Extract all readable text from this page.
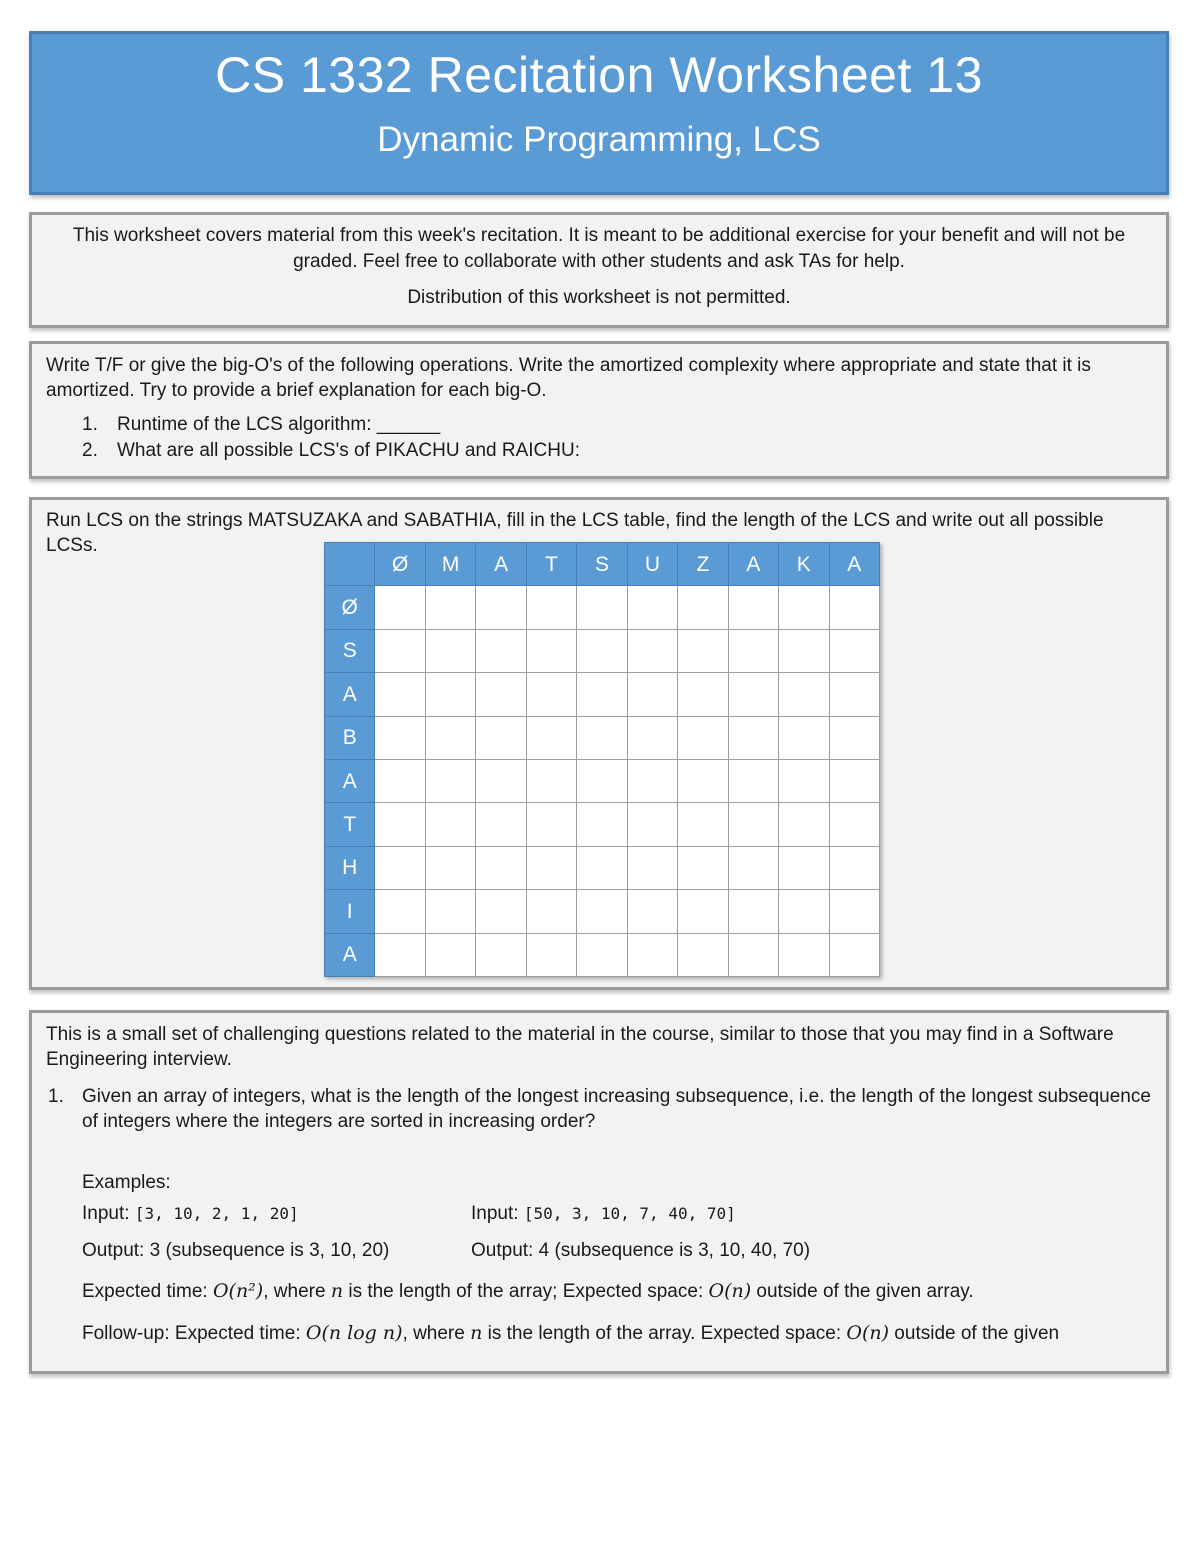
CS 1332 Recitation Worksheet 13
Dynamic Programming, LCS

This worksheet covers material from this week's recitation. It is meant to be additional exercise for your benefit and will not be graded. Feel free to collaborate with other students and ask TAs for help.

Distribution of this worksheet is not permitted.

Write T/F or give the big-O's of the following operations. Write the amortized complexity where appropriate and state that it is amortized. Try to provide a brief explanation for each big-O.

1. Runtime of the LCS algorithm: ______
2. What are all possible LCS's of PIKACHU and RAICHU:

Run LCS on the strings MATSUZAKA and SABATHIA, fill in the LCS table, find the length of the LCS and write out all possible LCSs.

	Ø	M	A	T	S	U	Z	A	K	A
Ø										
S										
A										
B										
A										
T										
H										
I										
A										

This is a small set of challenging questions related to the material in the course, similar to those that you may find in a Software Engineering interview.

1. Given an array of integers, what is the length of the longest increasing subsequence, i.e. the length of the longest subsequence of integers where the integers are sorted in increasing order?
Examples:
Input: [3, 10, 2, 1, 20]	Input: [50, 3, 10, 7, 40, 70]
Output: 3 (subsequence is 3, 10, 20)	Output: 4 (subsequence is 3, 10, 40, 70)
Expected time: O(n²), where n is the length of the array; Expected space: O(n) outside of the given array.
Follow-up: Expected time: O(n log n), where n is the length of the array. Expected space: O(n) outside of the given
